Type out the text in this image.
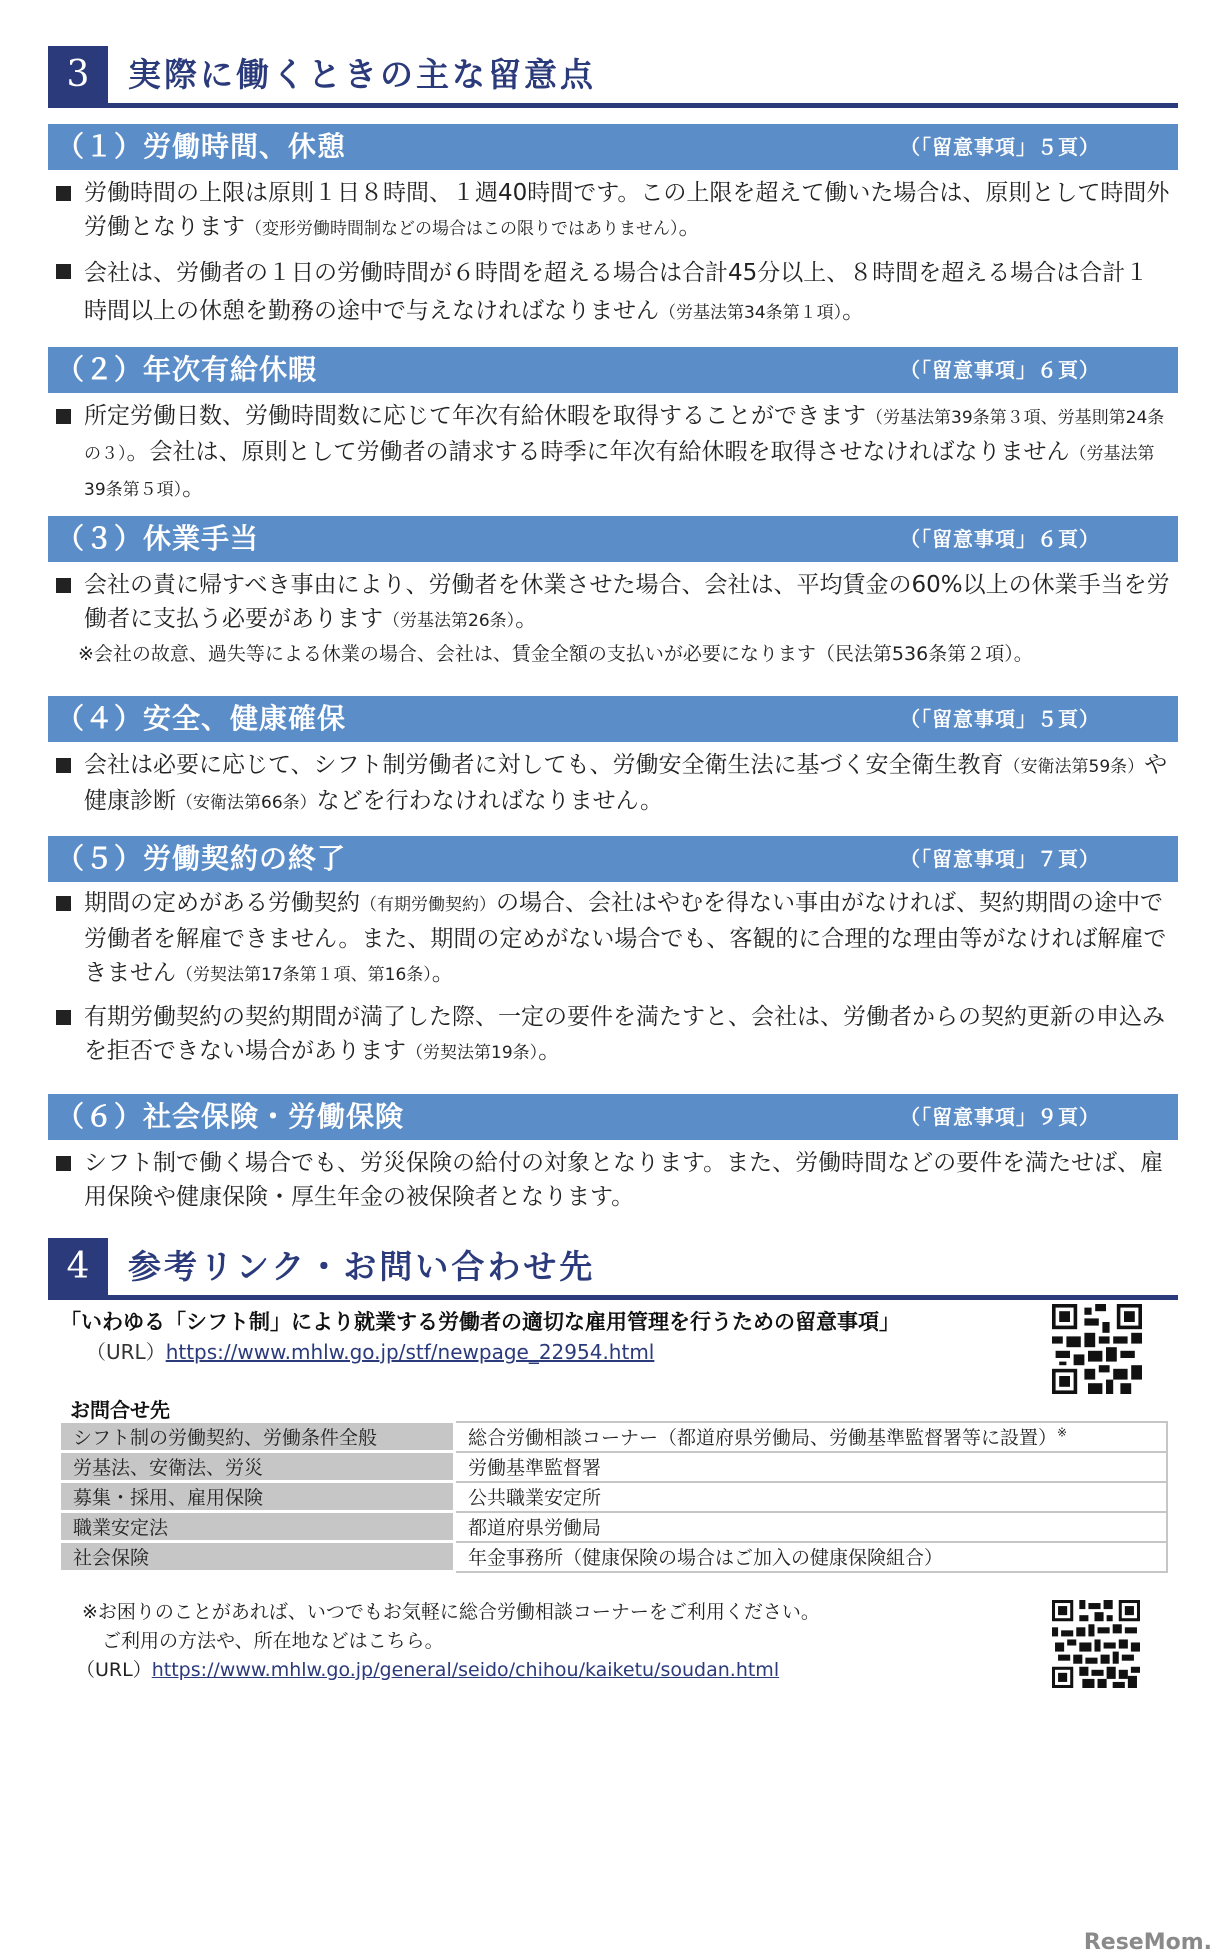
3	実際に働くときの主な留意点
（１）労働時間、休憩	（「留意事項」５頁）
労働時間の上限は原則１日８時間、１週40時間です。この上限を超えて働いた場合は、原則として時間外労働となります（変形労働時間制などの場合はこの限りではありません）。
会社は、労働者の１日の労働時間が６時間を超える場合は合計45分以上、８時間を超える場合は合計１時間以上の休憩を勤務の途中で与えなければなりません（労基法第34条第１項）。
（２）年次有給休暇	（「留意事項」６頁）
所定労働日数、労働時間数に応じて年次有給休暇を取得することができます（労基法第39条第３項、労基則第24条の３）。会社は、原則として労働者の請求する時季に年次有給休暇を取得させなければなりません（労基法第39条第５項）。
（３）休業手当	（「留意事項」６頁）
会社の責に帰すべき事由により、労働者を休業させた場合、会社は、平均賃金の60%以上の休業手当を労働者に支払う必要があります（労基法第26条）。
※会社の故意、過失等による休業の場合、会社は、賃金全額の支払いが必要になります（民法第536条第２項）。
（４）安全、健康確保	（「留意事項」５頁）
会社は必要に応じて、シフト制労働者に対しても、労働安全衛生法に基づく安全衛生教育（安衛法第59条）や健康診断（安衛法第66条）などを行わなければなりません。
（５）労働契約の終了	（「留意事項」７頁）
期間の定めがある労働契約（有期労働契約）の場合、会社はやむを得ない事由がなければ、契約期間の途中で労働者を解雇できません。また、期間の定めがない場合でも、客観的に合理的な理由等がなければ解雇できません（労契法第17条第１項、第16条）。
有期労働契約の契約期間が満了した際、一定の要件を満たすと、会社は、労働者からの契約更新の申込みを拒否できない場合があります（労契法第19条）。
（６）社会保険・労働保険	（「留意事項」９頁）
シフト制で働く場合でも、労災保険の給付の対象となります。また、労働時間などの要件を満たせば、雇用保険や健康保険・厚生年金の被保険者となります。
4	参考リンク・お問い合わせ先
「いわゆる「シフト制」により就業する労働者の適切な雇用管理を行うための留意事項」
（URL）https://www.mhlw.go.jp/stf/newpage_22954.html
お問合せ先
シフト制の労働契約、労働条件全般	総合労働相談コーナー（都道府県労働局、労働基準監督署等に設置）※
労基法、安衛法、労災	労働基準監督署
募集・採用、雇用保険	公共職業安定所
職業安定法	都道府県労働局
社会保険	年金事務所（健康保険の場合はご加入の健康保険組合）
※お困りのことがあれば、いつでもお気軽に総合労働相談コーナーをご利用ください。
ご利用の方法や、所在地などはこちら。
（URL）https://www.mhlw.go.jp/general/seido/chihou/kaiketu/soudan.html
ReseMom.
